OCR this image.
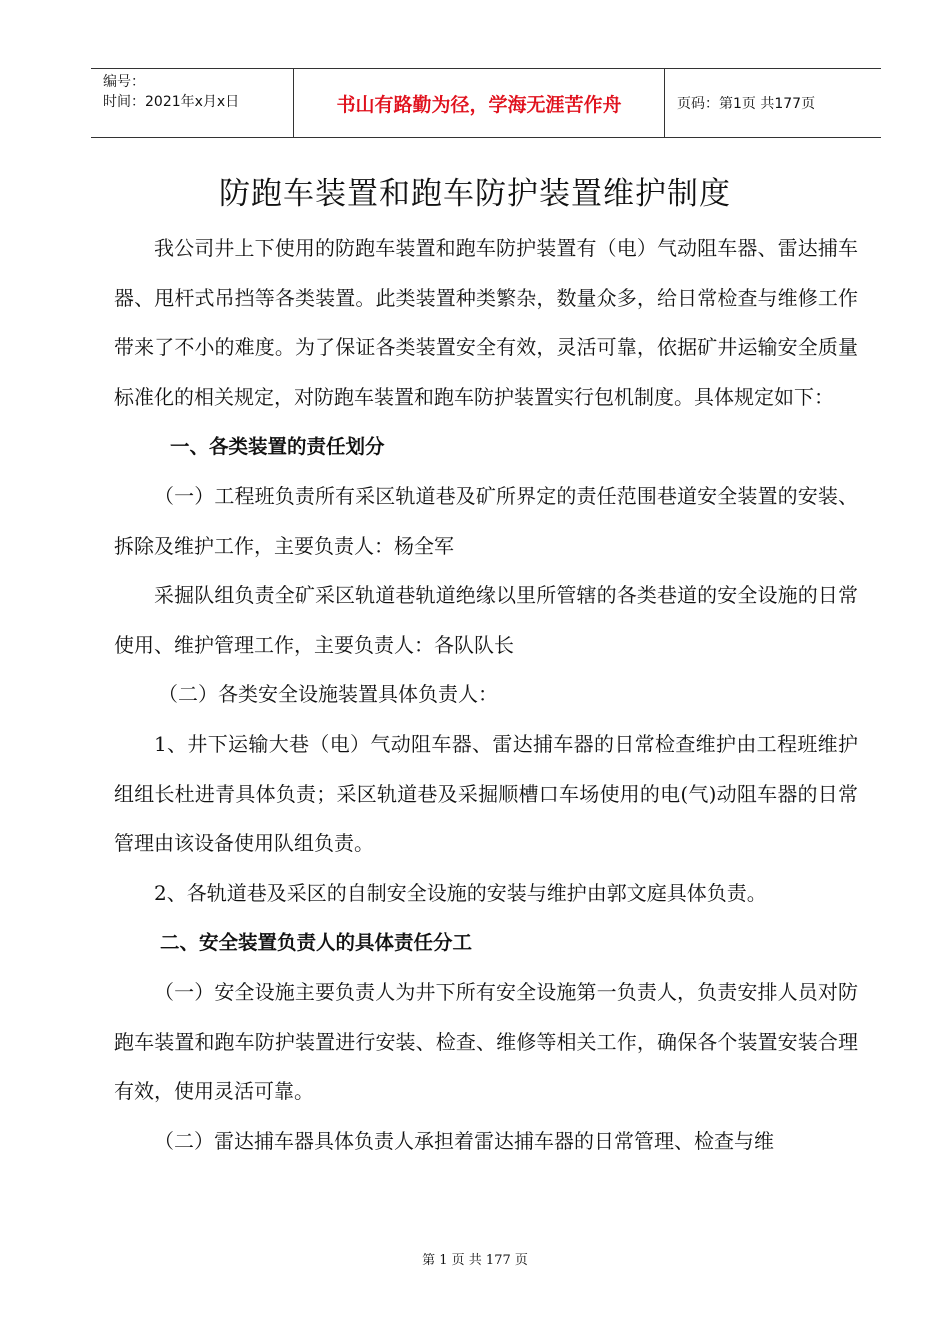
编号：
时间：2021年x月x日	书山有路勤为径，学海无涯苦作舟	页码：第1页 共177页
防跑车装置和跑车防护装置维护制度

我公司井上下使用的防跑车装置和跑车防护装置有（电）气动阻车器、雷达捕车器、甩杆式吊挡等各类装置。此类装置种类繁杂，数量众多，给日常检查与维修工作带来了不小的难度。为了保证各类装置安全有效，灵活可靠，依据矿井运输安全质量标准化的相关规定，对防跑车装置和跑车防护装置实行包机制度。具体规定如下：

一、各类装置的责任划分

（一）工程班负责所有采区轨道巷及矿所界定的责任范围巷道安全装置的安装、拆除及维护工作，主要负责人：杨全军

采掘队组负责全矿采区轨道巷轨道绝缘以里所管辖的各类巷道的安全设施的日常使用、维护管理工作，主要负责人：各队队长

（二）各类安全设施装置具体负责人：

1、井下运输大巷（电）气动阻车器、雷达捕车器的日常检查维护由工程班维护组组长杜进青具体负责；采区轨道巷及采掘顺槽口车场使用的电(气)动阻车器的日常管理由该设备使用队组负责。

2、各轨道巷及采区的自制安全设施的安装与维护由郭文庭具体负责。

二、安全装置负责人的具体责任分工

（一）安全设施主要负责人为井下所有安全设施第一负责人，负责安排人员对防跑车装置和跑车防护装置进行安装、检查、维修等相关工作，确保各个装置安装合理有效，使用灵活可靠。

（二）雷达捕车器具体负责人承担着雷达捕车器的日常管理、检查与维

第 1 页 共 177 页
